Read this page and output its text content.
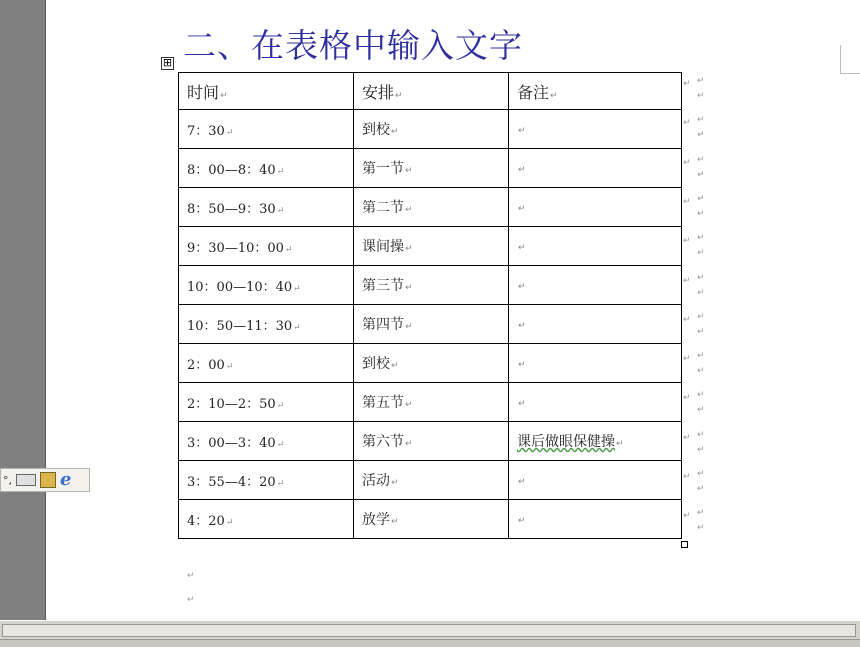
°,	e
二、在表格中输入文字
⊞
时间↵	安排↵	备注↵
7：30↵	到校↵	↵
8：00—8：40↵	第一节↵	↵
8：50—9：30↵	第二节↵	↵
9：30—10：00↵	课间操↵	↵
10：00—10：40↵	第三节↵	↵
10：50—11：30↵	第四节↵	↵
2：00↵	到校↵	↵
2：10—2：50↵	第五节↵	↵
3：00—3：40↵	第六节↵	课后做眼保健操↵
3：55—4：20↵	活动↵	↵
4：20↵	放学↵	↵
↵ ↵
↵
↵ ↵
↵
↵ ↵
↵
↵ ↵
↵
↵ ↵
↵
↵ ↵
↵
↵ ↵
↵
↵ ↵
↵
↵ ↵
↵
↵ ↵
↵
↵ ↵
↵
↵ ↵
↵
↵
↵
